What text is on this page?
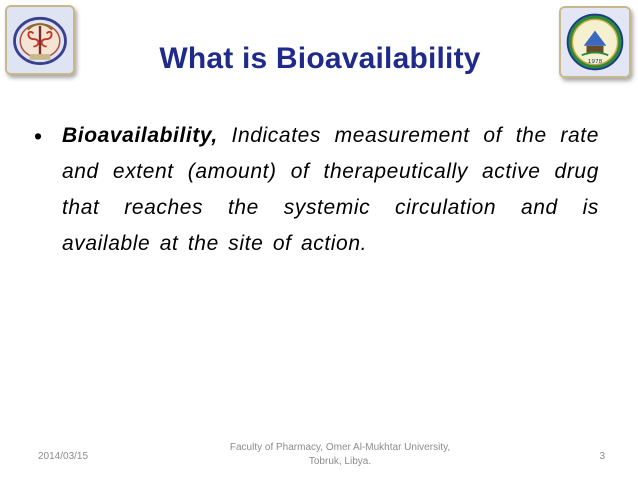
1978
What is Bioavailability
• Bioavailability, Indicates measurement of the rate and extent (amount) of therapeutically active drug that reaches the systemic circulation and is available at the site of action.
2014/03/15
Faculty of Pharmacy, Omer Al-Mukhtar University,
Tobruk, Libya.	3
